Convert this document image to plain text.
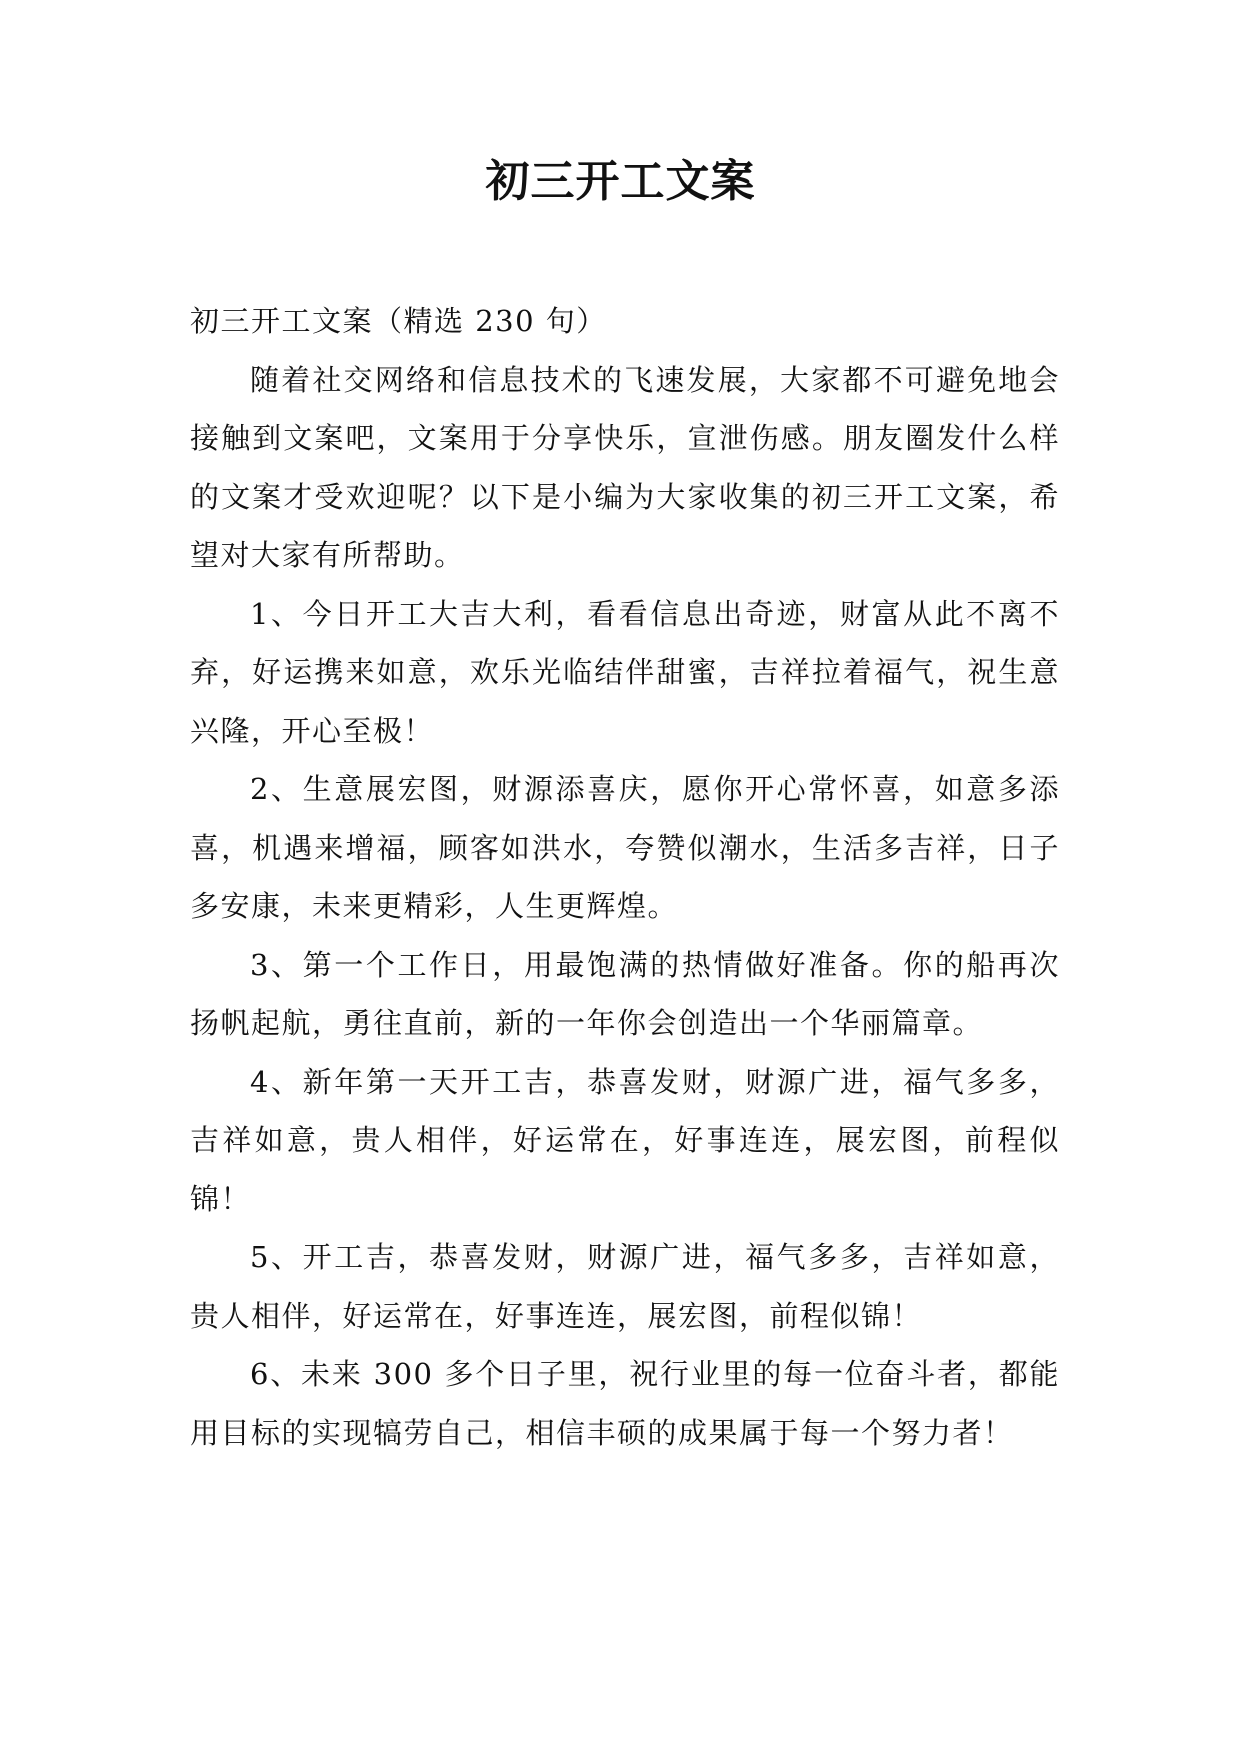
初三开工文案

初三开工文案（精选 230 句）

随着社交网络和信息技术的飞速发展，大家都不可避免地会接触到文案吧，文案用于分享快乐，宣泄伤感。朋友圈发什么样的文案才受欢迎呢？以下是小编为大家收集的初三开工文案，希望对大家有所帮助。

1、今日开工大吉大利，看看信息出奇迹，财富从此不离不弃，好运携来如意，欢乐光临结伴甜蜜，吉祥拉着福气，祝生意兴隆，开心至极！

2、生意展宏图，财源添喜庆，愿你开心常怀喜，如意多添喜，机遇来增福，顾客如洪水，夸赞似潮水，生活多吉祥，日子多安康，未来更精彩，人生更辉煌。

3、第一个工作日，用最饱满的热情做好准备。你的船再次扬帆起航，勇往直前，新的一年你会创造出一个华丽篇章。

4、新年第一天开工吉，恭喜发财，财源广进，福气多多，吉祥如意，贵人相伴，好运常在，好事连连，展宏图，前程似锦！

5、开工吉，恭喜发财，财源广进，福气多多，吉祥如意，贵人相伴，好运常在，好事连连，展宏图，前程似锦！

6、未来 300 多个日子里，祝行业里的每一位奋斗者，都能用目标的实现犒劳自己，相信丰硕的成果属于每一个努力者！
